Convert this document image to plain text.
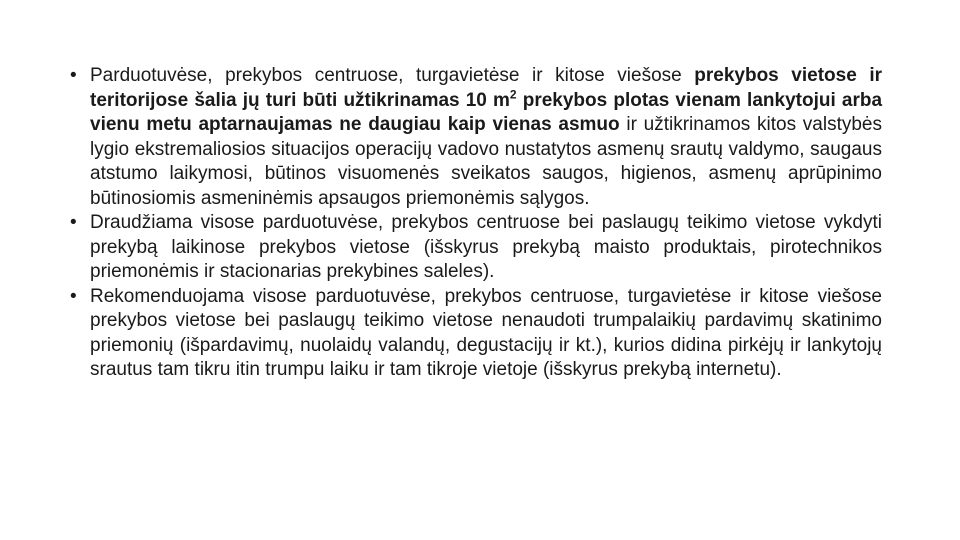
• Parduotuvėse, prekybos centruose, turgavietėse ir kitose viešose prekybos vietose ir teritorijose šalia jų turi būti užtikrinamas 10 $m^2$ prekybos plotas vienam lankytojui arba vienu metu aptarnaujamas ne daugiau kaip vienas asmuo ir užtikrinamos kitos valstybės lygio ekstremaliosios situacijos operacijų vadovo nustatytos asmenų srautų valdymo, saugaus atstumo laikymosi, būtinos visuomenės sveikatos saugos, higienos, asmenų aprūpinimo būtinosiomis asmeninėmis apsaugos priemonėmis sąlygos.
• Draudžiama visose parduotuvėse, prekybos centruose bei paslaugų teikimo vietose vykdyti prekybą laikinose prekybos vietose (išskyrus prekybą maisto produktais, pirotechnikos priemonėmis ir stacionarias prekybines saleles).
• Rekomenduojama visose parduotuvėse, prekybos centruose, turgavietėse ir kitose viešose prekybos vietose bei paslaugų teikimo vietose nenaudoti trumpalaikių pardavimų skatinimo priemonių (išpardavimų, nuolaidų valandų, degustacijų ir kt.), kurios didina pirkėjų ir lankytojų srautus tam tikru itin trumpu laiku ir tam tikroje vietoje (išskyrus prekybą internetu).
